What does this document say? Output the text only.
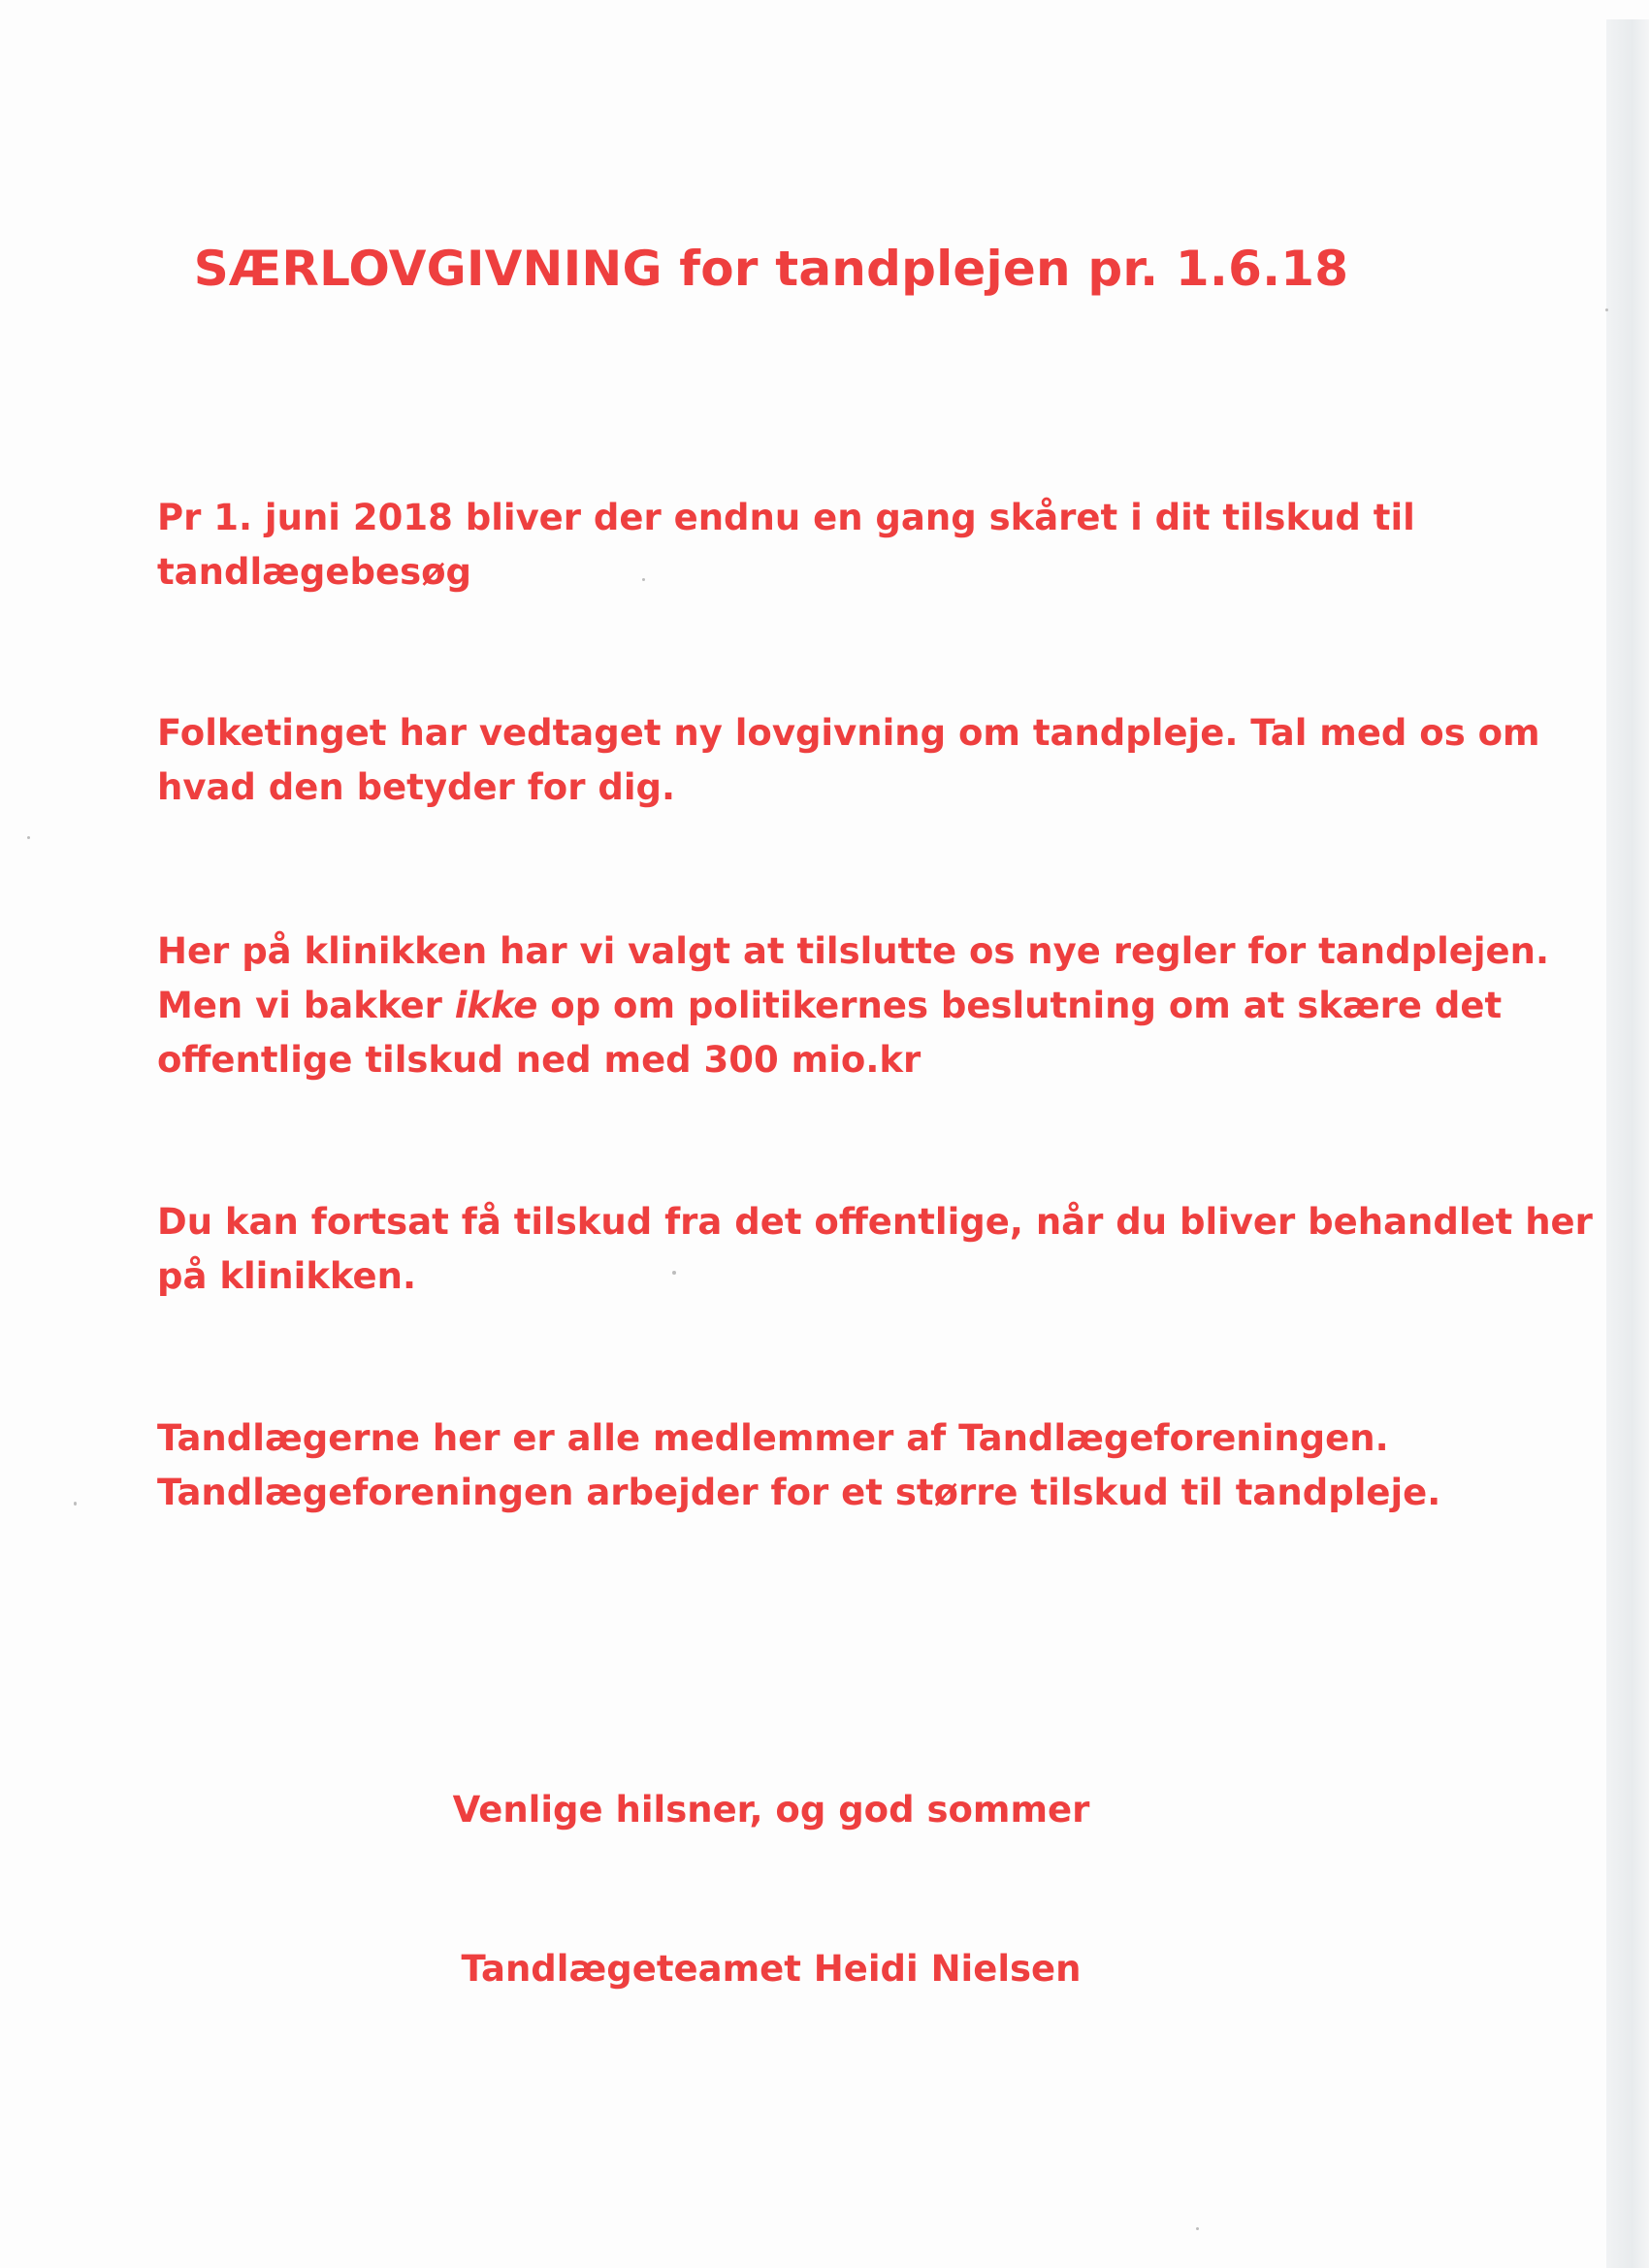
SÆRLOVGIVNING for tandplejen pr. 1.6.18

Pr 1. juni 2018 bliver der endnu en gang skåret i dit tilskud til
tandlægebesøg

Folketinget har vedtaget ny lovgivning om tandpleje. Tal med os om
hvad den betyder for dig.

Her på klinikken har vi valgt at tilslutte os nye regler for tandplejen.
Men vi bakker ikke op om politikernes beslutning om at skære det
offentlige tilskud ned med 300 mio.kr

Du kan fortsat få tilskud fra det offentlige, når du bliver behandlet her
på klinikken.

Tandlægerne her er alle medlemmer af Tandlægeforeningen.
Tandlægeforeningen arbejder for et større tilskud til tandpleje.

Venlige hilsner, og god sommer

Tandlægeteamet Heidi Nielsen
